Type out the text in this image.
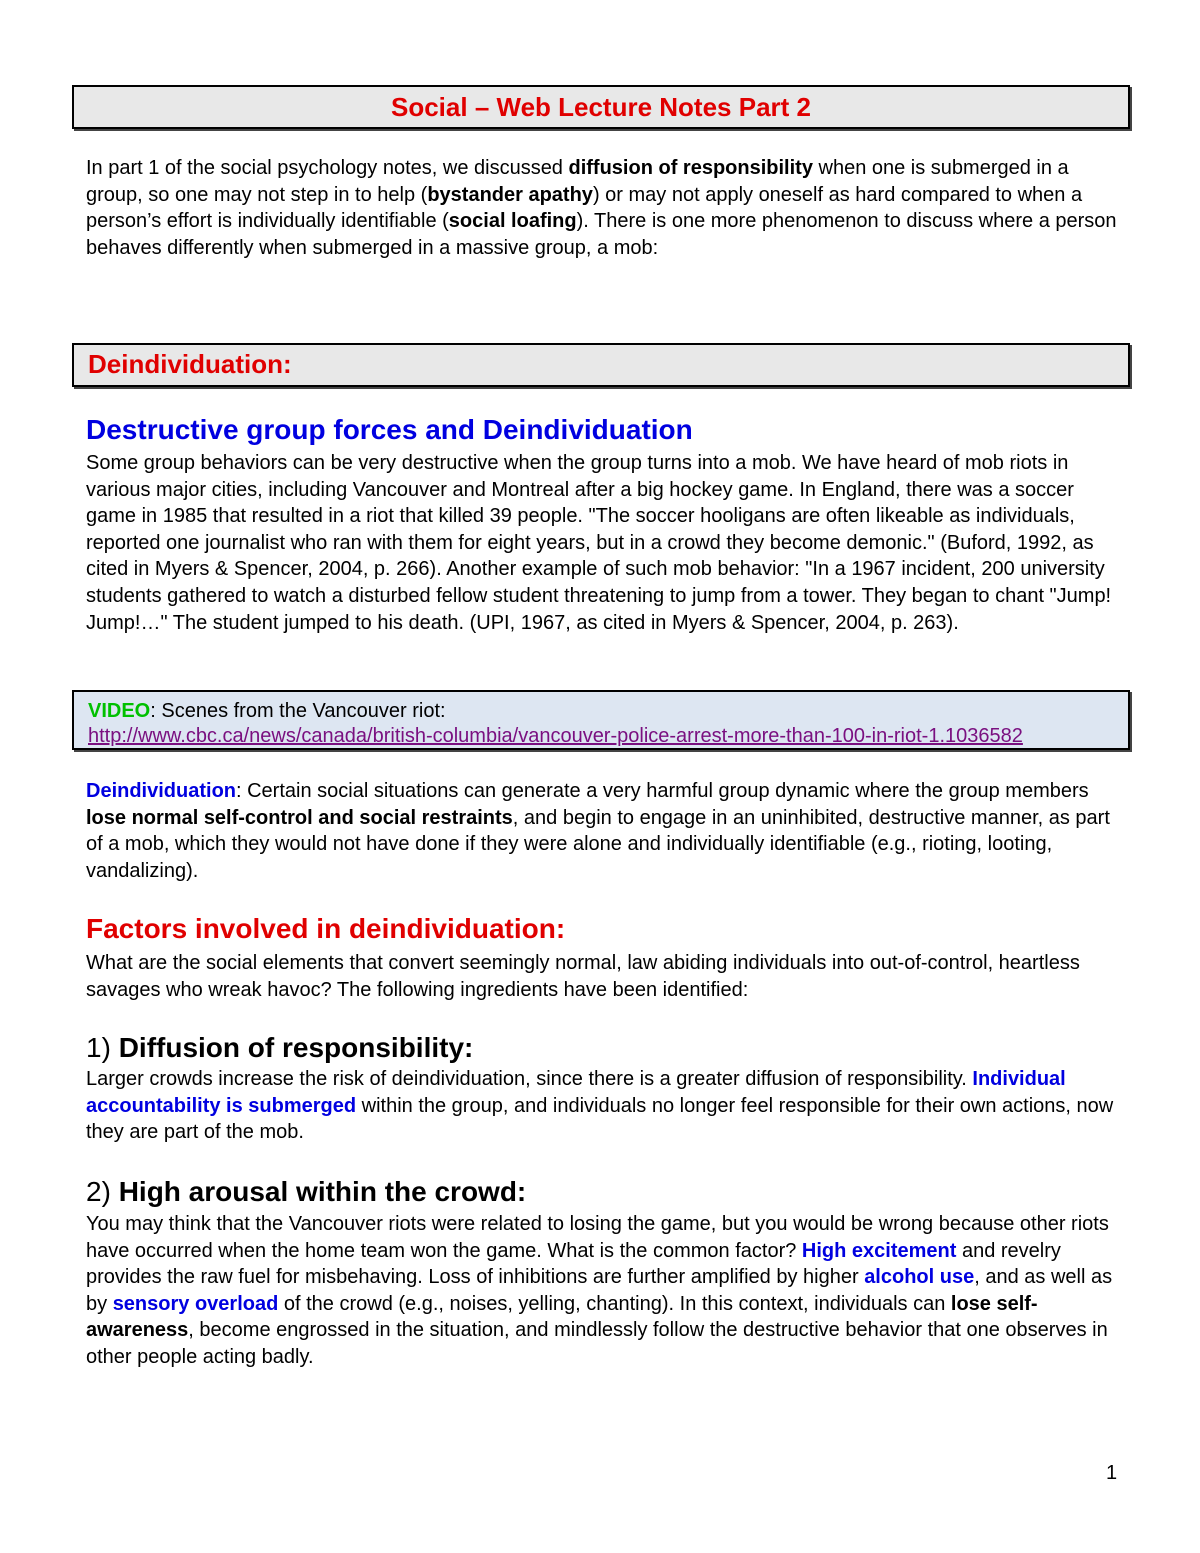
Social – Web Lecture Notes Part 2
In part 1 of the social psychology notes, we discussed diffusion of responsibility when one is submerged in a group, so one may not step in to help (bystander apathy) or may not apply oneself as hard compared to when a person’s effort is individually identifiable (social loafing). There is one more phenomenon to discuss where a person behaves differently when submerged in a massive group, a mob:
Deindividuation:
Destructive group forces and Deindividuation
Some group behaviors can be very destructive when the group turns into a mob. We have heard of mob riots in various major cities, including Vancouver and Montreal after a big hockey game. In England, there was a soccer game in 1985 that resulted in a riot that killed 39 people. "The soccer hooligans are often likeable as individuals, reported one journalist who ran with them for eight years, but in a crowd they become demonic." (Buford, 1992, as cited in Myers & Spencer, 2004, p. 266). Another example of such mob behavior: "In a 1967 incident, 200 university students gathered to watch a disturbed fellow student threatening to jump from a tower. They began to chant "Jump! Jump!…" The student jumped to his death. (UPI, 1967, as cited in Myers & Spencer, 2004, p. 263).
VIDEO: Scenes from the Vancouver riot:
http://www.cbc.ca/news/canada/british-columbia/vancouver-police-arrest-more-than-100-in-riot-1.1036582
Deindividuation: Certain social situations can generate a very harmful group dynamic where the group members lose normal self-control and social restraints, and begin to engage in an uninhibited, destructive manner, as part of a mob, which they would not have done if they were alone and individually identifiable (e.g., rioting, looting, vandalizing).
Factors involved in deindividuation:
What are the social elements that convert seemingly normal, law abiding individuals into out-of-control, heartless savages who wreak havoc? The following ingredients have been identified:
1) Diffusion of responsibility:
Larger crowds increase the risk of deindividuation, since there is a greater diffusion of responsibility. Individual accountability is submerged within the group, and individuals no longer feel responsible for their own actions, now they are part of the mob.
2) High arousal within the crowd:
You may think that the Vancouver riots were related to losing the game, but you would be wrong because other riots have occurred when the home team won the game. What is the common factor? High excitement and revelry provides the raw fuel for misbehaving. Loss of inhibitions are further amplified by higher alcohol use, and as well as by sensory overload of the crowd (e.g., noises, yelling, chanting). In this context, individuals can lose self-awareness, become engrossed in the situation, and mindlessly follow the destructive behavior that one observes in other people acting badly.
1
